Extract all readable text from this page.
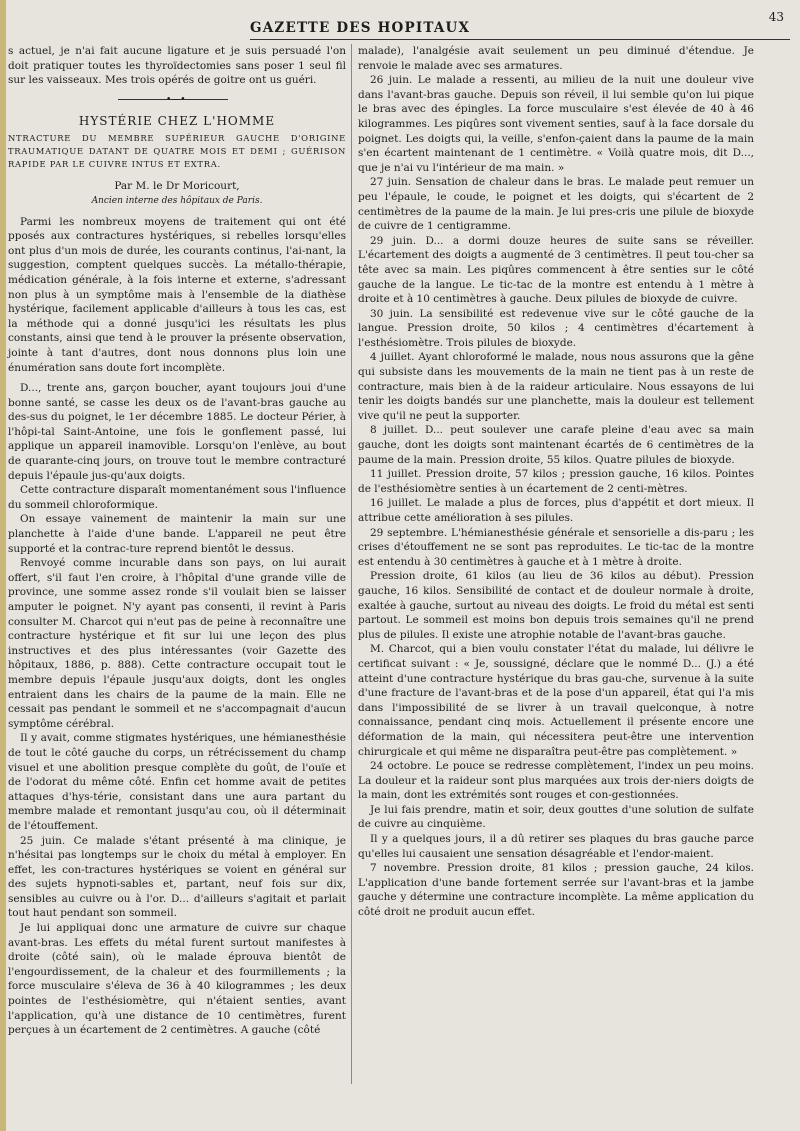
GAZETTE DES HOPITAUX
43

s actuel, je n'ai fait aucune ligature et je suis persuadé l'on doit pratiquer toutes les thyroïdectomies sans poser 1 seul fil sur les vaisseaux. Mes trois opérés de goitre ont us guéri.

•—•

HYSTÉRIE CHEZ L'HOMME

NTRACTURE DU MEMBRE SUPÉRIEUR GAUCHE D'ORIGINE TRAUMATIQUE DATANT DE QUATRE MOIS ET DEMI ; GUÉRISON RAPIDE PAR LE CUIVRE INTUS ET EXTRA.

Par M. le Dr Moricourt,

Ancien interne des hôpitaux de Paris.

Parmi les nombreux moyens de traitement qui ont été pposés aux contractures hystériques, si rebelles lorsqu'elles ont plus d'un mois de durée, les courants continus, l'ai-nant, la suggestion, comptent quelques succès. La métallo-thérapie, médication générale, à la fois interne et externe, s'adressant non plus à un symptôme mais à l'ensemble de la diathèse hystérique, facilement applicable d'ailleurs à tous les cas, est la méthode qui a donné jusqu'ici les résultats les plus constants, ainsi que tend à le prouver la présente observation, jointe à tant d'autres, dont nous donnons plus loin une énumération sans doute fort incomplète.

D..., trente ans, garçon boucher, ayant toujours joui d'une bonne santé, se casse les deux os de l'avant-bras gauche au des-sus du poignet, le 1er décembre 1885. Le docteur Périer, à l'hôpi-tal Saint-Antoine, une fois le gonflement passé, lui applique un appareil inamovible. Lorsqu'on l'enlève, au bout de quarante-cinq jours, on trouve tout le membre contracturé depuis l'épaule jus-qu'aux doigts.

Cette contracture disparaît momentanément sous l'influence du sommeil chloroformique.

On essaye vainement de maintenir la main sur une planchette à l'aide d'une bande. L'appareil ne peut être supporté et la contrac-ture reprend bientôt le dessus.

Renvoyé comme incurable dans son pays, on lui aurait offert, s'il faut l'en croire, à l'hôpital d'une grande ville de province, une somme assez ronde s'il voulait bien se laisser amputer le poignet. N'y ayant pas consenti, il revint à Paris consulter M. Charcot qui n'eut pas de peine à reconnaître une contracture hystérique et fit sur lui une leçon des plus instructives et des plus intéressantes (voir Gazette des hôpitaux, 1886, p. 888). Cette contracture occupait tout le membre depuis l'épaule jusqu'aux doigts, dont les ongles entraient dans les chairs de la paume de la main. Elle ne cessait pas pendant le sommeil et ne s'accompagnait d'aucun symptôme cérébral.

Il y avait, comme stigmates hystériques, une hémianesthésie de tout le côté gauche du corps, un rétrécissement du champ visuel et une abolition presque complète du goût, de l'ouïe et de l'odorat du même côté. Enfin cet homme avait de petites attaques d'hys-térie, consistant dans une aura partant du membre malade et remontant jusqu'au cou, où il déterminait de l'étouffement.

25 juin. Ce malade s'étant présenté à ma clinique, je n'hésitai pas longtemps sur le choix du métal à employer. En effet, les con-tractures hystériques se voient en général sur des sujets hypnoti-sables et, partant, neuf fois sur dix, sensibles au cuivre ou à l'or. D... d'ailleurs s'agitait et parlait tout haut pendant son sommeil.

Je lui appliquai donc une armature de cuivre sur chaque avant-bras. Les effets du métal furent surtout manifestes à droite (côté sain), où le malade éprouva bientôt de l'engourdissement, de la chaleur et des fourmillements ; la force musculaire s'éleva de 36 à 40 kilogrammes ; les deux pointes de l'esthésiomètre, qui n'étaient senties, avant l'application, qu'à une distance de 10 centimètres, furent perçues à un écartement de 2 centimètres. A gauche (côté

malade), l'analgésie avait seulement un peu diminué d'étendue. Je renvoie le malade avec ses armatures.

26 juin. Le malade a ressenti, au milieu de la nuit une douleur vive dans l'avant-bras gauche. Depuis son réveil, il lui semble qu'on lui pique le bras avec des épingles. La force musculaire s'est élevée de 40 à 46 kilogrammes. Les piqûres sont vivement senties, sauf à la face dorsale du poignet. Les doigts qui, la veille, s'enfon-çaient dans la paume de la main s'en écartent maintenant de 1 centimètre. « Voilà quatre mois, dit D..., que je n'ai vu l'intérieur de ma main. »

27 juin. Sensation de chaleur dans le bras. Le malade peut remuer un peu l'épaule, le coude, le poignet et les doigts, qui s'écartent de 2 centimètres de la paume de la main. Je lui pres-cris une pilule de bioxyde de cuivre de 1 centigramme.

29 juin. D... a dormi douze heures de suite sans se réveiller. L'écartement des doigts a augmenté de 3 centimètres. Il peut tou-cher sa tête avec sa main. Les piqûres commencent à être senties sur le côté gauche de la langue. Le tic-tac de la montre est entendu à 1 mètre à droite et à 10 centimètres à gauche. Deux pilules de bioxyde de cuivre.

30 juin. La sensibilité est redevenue vive sur le côté gauche de la langue. Pression droite, 50 kilos ; 4 centimètres d'écartement à l'esthésiomètre. Trois pilules de bioxyde.

4 juillet. Ayant chloroformé le malade, nous nous assurons que la gêne qui subsiste dans les mouvements de la main ne tient pas à un reste de contracture, mais bien à de la raideur articulaire. Nous essayons de lui tenir les doigts bandés sur une planchette, mais la douleur est tellement vive qu'il ne peut la supporter.

8 juillet. D... peut soulever une carafe pleine d'eau avec sa main gauche, dont les doigts sont maintenant écartés de 6 centimètres de la paume de la main. Pression droite, 55 kilos. Quatre pilules de bioxyde.

11 juillet. Pression droite, 57 kilos ; pression gauche, 16 kilos. Pointes de l'esthésiomètre senties à un écartement de 2 centi-mètres.

16 juillet. Le malade a plus de forces, plus d'appétit et dort mieux. Il attribue cette amélioration à ses pilules.

29 septembre. L'hémianesthésie générale et sensorielle a dis-paru ; les crises d'étouffement ne se sont pas reproduites. Le tic-tac de la montre est entendu à 30 centimètres à gauche et à 1 mètre à droite.

Pression droite, 61 kilos (au lieu de 36 kilos au début). Pression gauche, 16 kilos. Sensibilité de contact et de douleur normale à droite, exaltée à gauche, surtout au niveau des doigts. Le froid du métal est senti partout. Le sommeil est moins bon depuis trois semaines qu'il ne prend plus de pilules. Il existe une atrophie notable de l'avant-bras gauche.

M. Charcot, qui a bien voulu constater l'état du malade, lui délivre le certificat suivant : « Je, soussigné, déclare que le nommé D... (J.) a été atteint d'une contracture hystérique du bras gau-che, survenue à la suite d'une fracture de l'avant-bras et de la pose d'un appareil, état qui l'a mis dans l'impossibilité de se livrer à un travail quelconque, à notre connaissance, pendant cinq mois. Actuellement il présente encore une déformation de la main, qui nécessitera peut-être une intervention chirurgicale et qui même ne disparaîtra peut-être pas complètement. »

24 octobre. Le pouce se redresse complètement, l'index un peu moins. La douleur et la raideur sont plus marquées aux trois der-niers doigts de la main, dont les extrémités sont rouges et con-gestionnées.

Je lui fais prendre, matin et soir, deux gouttes d'une solution de sulfate de cuivre au cinquième.

Il y a quelques jours, il a dû retirer ses plaques du bras gauche parce qu'elles lui causaient une sensation désagréable et l'endor-maient.

7 novembre. Pression droite, 81 kilos ; pression gauche, 24 kilos. L'application d'une bande fortement serrée sur l'avant-bras et la jambe gauche y détermine une contracture incomplète. La même application du côté droit ne produit aucun effet.
